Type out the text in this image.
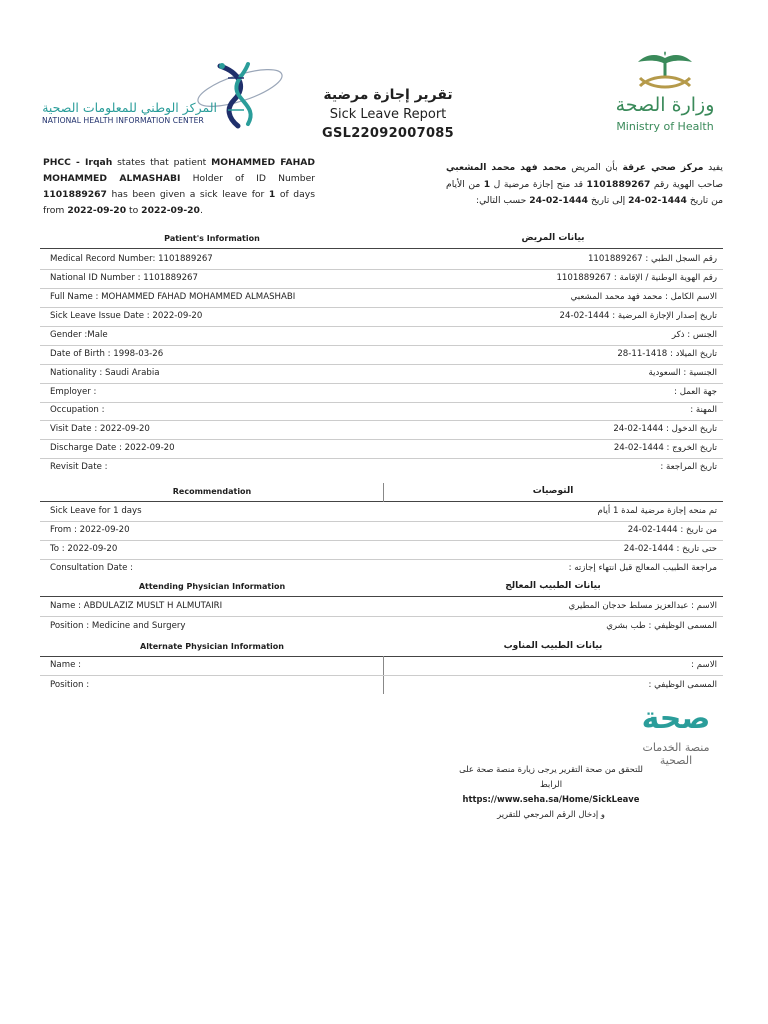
المركز الوطني للمعلومات الصحية
NATIONAL HEALTH INFORMATION CENTER
تقرير إجازة مرضية
Sick Leave Report
GSL22092007085
وزارة الصحة
Ministry of Health
PHCC - Irqah states that patient MOHAMMED FAHAD MOHAMMED ALMASHABI Holder of ID Number 1101889267 has been given a sick leave for 1 of days from 2022-09-20 to 2022-09-20.
يفيد مركز صحي عرقة بأن المريض محمد فهد محمد المشعبي صاحب الهوية رقم 1101889267 قد منح إجازة مرضية ل 1 من الأيام من تاريخ 1444-02-24 إلى تاريخ 1444-02-24 حسب التالي:
Patient's Information	بيانات المريض
Medical Record Number: 1101889267	رقم السجل الطبي : 1101889267
National ID Number : 1101889267	رقم الهوية الوطنية / الإقامة : 1101889267
Full Name : MOHAMMED FAHAD MOHAMMED ALMASHABI	الاسم الكامل : محمد فهد محمد المشعبي
Sick Leave Issue Date : 2022-09-20	تاريخ إصدار الإجازة المرضية : 1444-02-24
Gender :Male	الجنس : ذكر
Date of Birth : 1998-03-26	تاريخ الميلاد : 1418-11-28
Nationality : Saudi Arabia	الجنسية : السعودية
Employer :	جهة العمل :
Occupation :	المهنة :
Visit Date : 2022-09-20	تاريخ الدخول : 1444-02-24
Discharge Date : 2022-09-20	تاريخ الخروج : 1444-02-24
Revisit Date :	تاريخ المراجعة :
Recommendation	التوصيات
Sick Leave for 1 days	تم منحه إجازة مرضية لمدة 1 أيام
From : 2022-09-20	من تاريخ : 1444-02-24
To : 2022-09-20	حتى تاريخ : 1444-02-24
Consultation Date :	مراجعة الطبيب المعالج قبل انتهاء إجازته :
Attending Physician Information	بيانات الطبيب المعالج
Name : ABDULAZIZ MUSLT H ALMUTAIRI	الاسم : عبدالعزيز مسلط حدجان المطيري
Position : Medicine and Surgery	المسمى الوظيفي : طب بشري
Alternate Physician Information	بيانات الطبيب المناوب
Name :	الاسم :
Position :	المسمى الوظيفي :
صحة
منصة الخدمات الصحية
للتحقق من صحة التقرير يرجى زيارة منصة صحة على الرابط
https://www.seha.sa/Home/SickLeave
و إدخال الرقم المرجعي للتقرير
